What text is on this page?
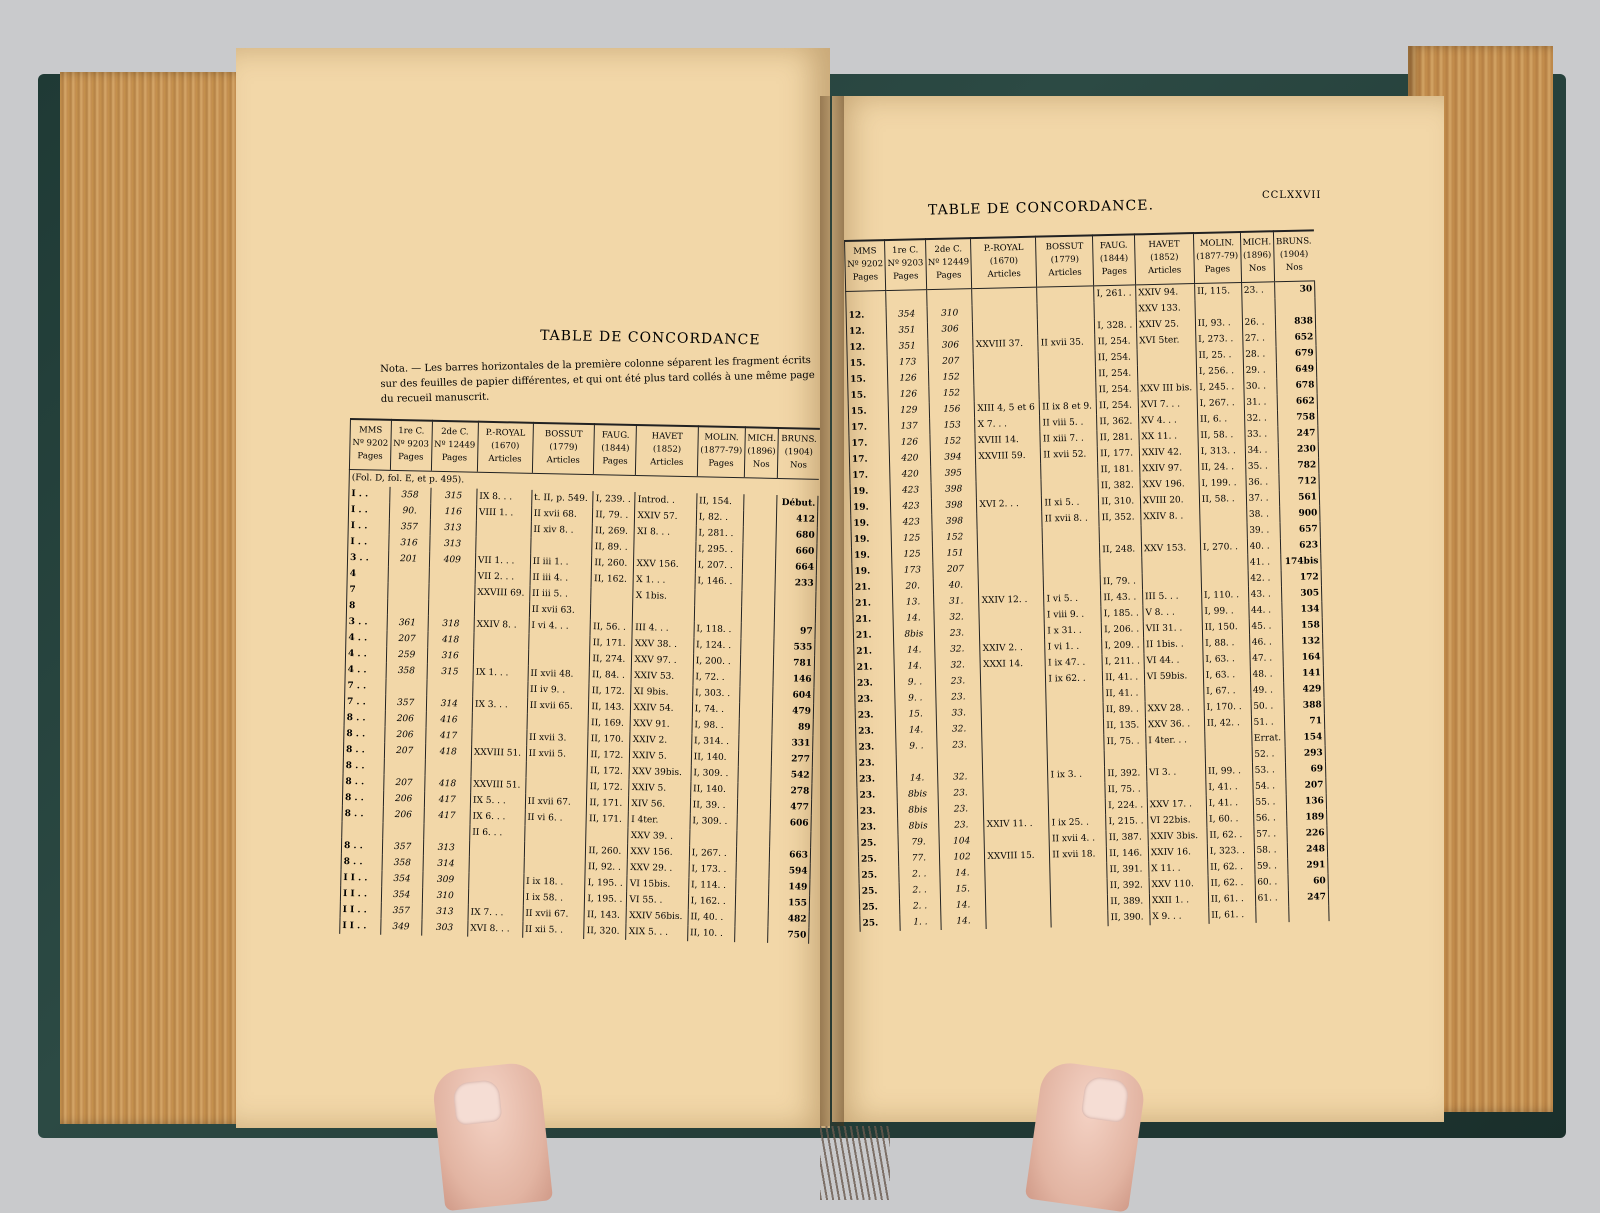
TABLE DE CONCORDANCE
Nota. — Les barres horizontales de la première colonne séparent les fragment écrits sur des feuilles de papier différentes, et qui ont été plus tard collés à une même page du recueil manuscrit.
TABLE DE CONCORDANCE.
CCLXXVII
MMS
Nº 9202
Pages	1re C.
Nº 9203
Pages	2de C.
Nº 12449
Pages	P.-ROYAL
(1670)
Articles	BOSSUT
(1779)
Articles	FAUG.
(1844)
Pages	HAVET
(1852)
Articles	MOLIN.
(1877-79)
Pages	MICH.
(1896)
Nos	BRUNS.
(1904)
Nos
(Fol. D, fol. E, et p. 495).									
I . .	358	315	IX 8. . .	t. II, p. 549.	I, 239. .	Introd. .	II, 154.		Début.
I . .	90.	116	VIII 1. .	II xvii 68.	II, 79. .	XXIV 57.	I, 82. .		412
I . .	357	313		II xiv 8. .	II, 269.	XI 8. . .	I, 281. .		680
I . .	316	313			II, 89. .		I, 295. .		660
3 . .	201	409	VII 1. . .	II iii 1. .	II, 260.	XXV 156.	I, 207. .		664
4			VII 2. . .	II iii 4. .	II, 162.	X 1. . .	I, 146. .		233
7			XXVIII 69.	II iii 5. .		X 1bis.			
8				II xvii 63.					
3 . .	361	318	XXIV 8. .	I vi 4. . .	II, 56. .	III 4. . .	I, 118. .		97
4 . .	207	418			II, 171.	XXV 38. .	I, 124. .		535
4 . .	259	316			II, 274.	XXV 97. .	I, 200. .		781
4 . .	358	315	IX 1. . .	II xvii 48.	II, 84. .	XXIV 53.	I, 72. .		146
7 . .				II iv 9. .	II, 172.	XI 9bis.	I, 303. .		604
7 . .	357	314	IX 3. . .	II xvii 65.	II, 143.	XXIV 54.	I, 74. .		479
8 . .	206	416			II, 169.	XXV 91.	I, 98. .		89
8 . .	206	417		II xvii 3.	II, 170.	XXIV 2.	I, 314. .		331
8 . .	207	418	XXVIII 51.	II xvii 5.	II, 172.	XXIV 5.	II, 140.		277
8 . .					II, 172.	XXV 39bis.	I, 309. .		542
8 . .	207	418	XXVIII 51.		II, 172.	XXIV 5.	II, 140.		278
8 . .	206	417	IX 5. . .	II xvii 67.	II, 171.	XIV 56.	II, 39. .		477
8 . .	206	417	IX 6. . .	II vi 6. .	II, 171.	I 4ter.	I, 309. .		606
			II 6. . .			XXV 39. .			
8 . .	357	313			II, 260.	XXV 156.	I, 267. .		663
8 . .	358	314			II, 92. .	XXV 29. .	I, 173. .		594
I I . .	354	309		I ix 18. .	I, 195. .	VI 15bis.	I, 114. .		149
I I . .	354	310		I ix 58. .	I, 195. .	VI 55. .	I, 162. .		155
I I . .	357	313	IX 7. . .	II xvii 67.	II, 143.	XXIV 56bis.	II, 40. .		482
I I . .	349	303	XVI 8. . .	II xii 5. .	II, 320.	XIX 5. . .	II, 10. .		750
MMS
Nº 9202
Pages	1re C.
Nº 9203
Pages	2de C.
Nº 12449
Pages	P.-ROYAL
(1670)
Articles	BOSSUT
(1779)
Articles	FAUG.
(1844)
Pages	HAVET
(1852)
Articles	MOLIN.
(1877-79)
Pages	MICH.
(1896)
Nos	BRUNS.
(1904)
Nos
					I, 261. .	XXIV 94.	II, 115.	23. .	30
12.	354	310				XXV 133.			
12.	351	306			I, 328. .	XXIV 25.	II, 93. .	26. .	838
12.	351	306	XXVIII 37.	II xvii 35.	II, 254.	XVI 5ter.	I, 273. .	27. .	652
15.	173	207			II, 254.		II, 25. .	28. .	679
15.	126	152			II, 254.		I, 256. .	29. .	649
15.	126	152			II, 254.	XXV III bis.	I, 245. .	30. .	678
15.	129	156	XIII 4, 5 et 6	II ix 8 et 9.	II, 254.	XVI 7. . .	I, 267. .	31. .	662
17.	137	153	X 7. . .	II viii 5. .	II, 362.	XV 4. . .	II, 6. .	32. .	758
17.	126	152	XVIII 14.	II xiii 7. .	II, 281.	XX 11. .	II, 58. .	33. .	247
17.	420	394	XXVIII 59.	II xvii 52.	II, 177.	XXIV 42.	I, 313. .	34. .	230
17.	420	395			II, 181.	XXIV 97.	II, 24. .	35. .	782
19.	423	398			II, 382.	XXV 196.	I, 199. .	36. .	712
19.	423	398	XVI 2. . .	II xi 5. .	II, 310.	XVIII 20.	II, 58. .	37. .	561
19.	423	398		II xvii 8. .	II, 352.	XXIV 8. .		38. .	900
19.	125	152						39. .	657
19.	125	151			II, 248.	XXV 153.	I, 270. .	40. .	623
19.	173	207						41. .	174bis
21.	20.	40.			II, 79. .			42. .	172
21.	13.	31.	XXIV 12. .	I vi 5. .	II, 43. .	III 5. . .	I, 110. .	43. .	305
21.	14.	32.		I viii 9. .	I, 185. .	V 8. . .	I, 99. .	44. .	134
21.	8bis	23.		I x 31. .	I, 206. .	VII 31. .	II, 150.	45. .	158
21.	14.	32.	XXIV 2. .	I vi 1. .	I, 209. .	II 1bis. .	I, 88. .	46. .	132
21.	14.	32.	XXXI 14.	I ix 47. .	I, 211. .	VI 44. .	I, 63. .	47. .	164
23.	9. .	23.		I ix 62. .	II, 41. .	VI 59bis.	I, 63. .	48. .	141
23.	9. .	23.			II, 41. .		I, 67. .	49. .	429
23.	15.	33.			II, 89. .	XXV 28. .	I, 170. .	50. .	388
23.	14.	32.			II, 135.	XXV 36. .	II, 42. .	51. .	71
23.	9. .	23.			II, 75. .	I 4ter. . .		Errat.	154
23.								52. .	293
23.	14.	32.		I ix 3. .	II, 392.	VI 3. .	II, 99. .	53. .	69
23.	8bis	23.			II, 75. .		I, 41. .	54. .	207
23.	8bis	23.			I, 224. .	XXV 17. .	I, 41. .	55. .	136
23.	8bis	23.	XXIV 11. .	I ix 25. .	I, 215. .	VI 22bis.	I, 60. .	56. .	189
25.	79.	104		II xvii 4. .	II, 387.	XXIV 3bis.	II, 62. .	57. .	226
25.	77.	102	XXVIII 15.	II xvii 18.	II, 146.	XXIV 16.	I, 323. .	58. .	248
25.	2. .	14.			II, 391.	X 11. .	II, 62. .	59. .	291
25.	2. .	15.			II, 392.	XXV 110.	II, 62. .	60. .	60
25.	2. .	14.			II, 389.	XXII 1. .	II, 61. .	61. .	247
25.	1. .	14.			II, 390.	X 9. . .	II, 61. .		
